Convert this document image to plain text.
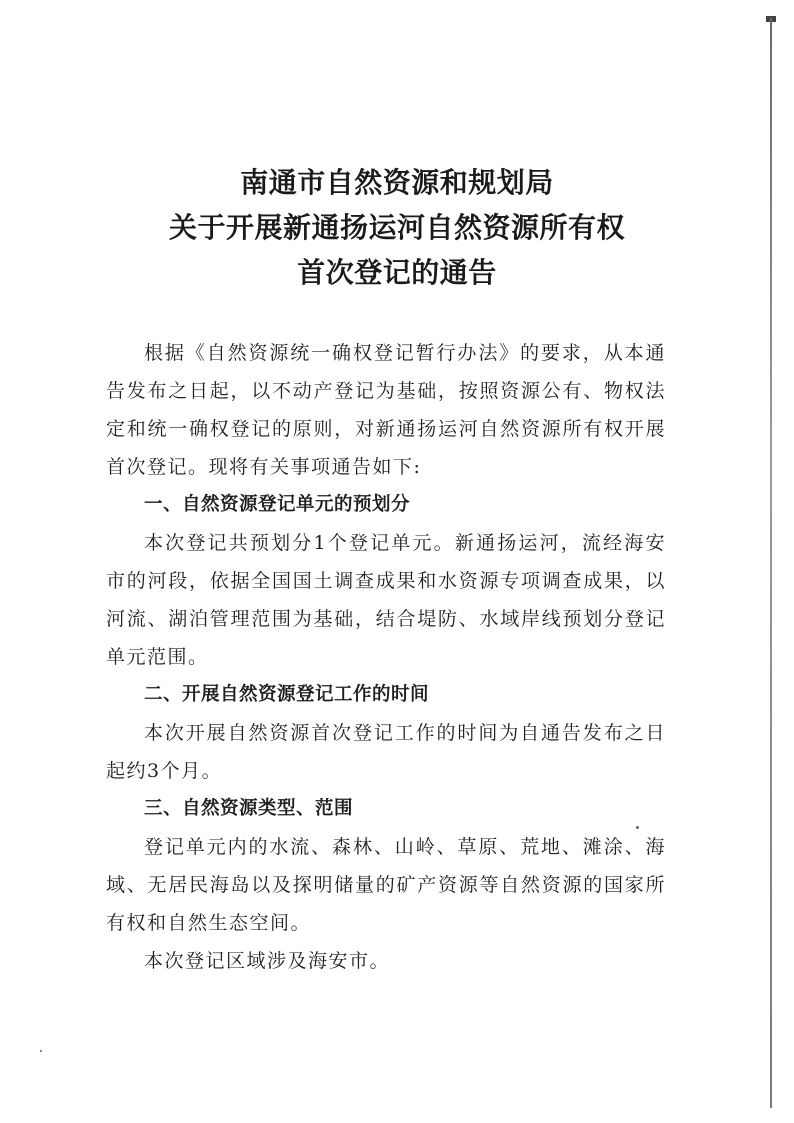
南通市自然资源和规划局
关于开展新通扬运河自然资源所有权
首次登记的通告

根据《自然资源统一确权登记暂行办法》的要求，从本通告发布之日起，以不动产登记为基础，按照资源公有、物权法定和统一确权登记的原则，对新通扬运河自然资源所有权开展首次登记。现将有关事项通告如下:

一、自然资源登记单元的预划分

本次登记共预划分1个登记单元。新通扬运河，流经海安市的河段，依据全国国土调查成果和水资源专项调查成果，以河流、湖泊管理范围为基础，结合堤防、水域岸线预划分登记单元范围。

二、开展自然资源登记工作的时间

本次开展自然资源首次登记工作的时间为自通告发布之日起约3个月。

三、自然资源类型、范围

登记单元内的水流、森林、山岭、草原、荒地、滩涂、海域、无居民海岛以及探明储量的矿产资源等自然资源的国家所有权和自然生态空间。

本次登记区域涉及海安市。
